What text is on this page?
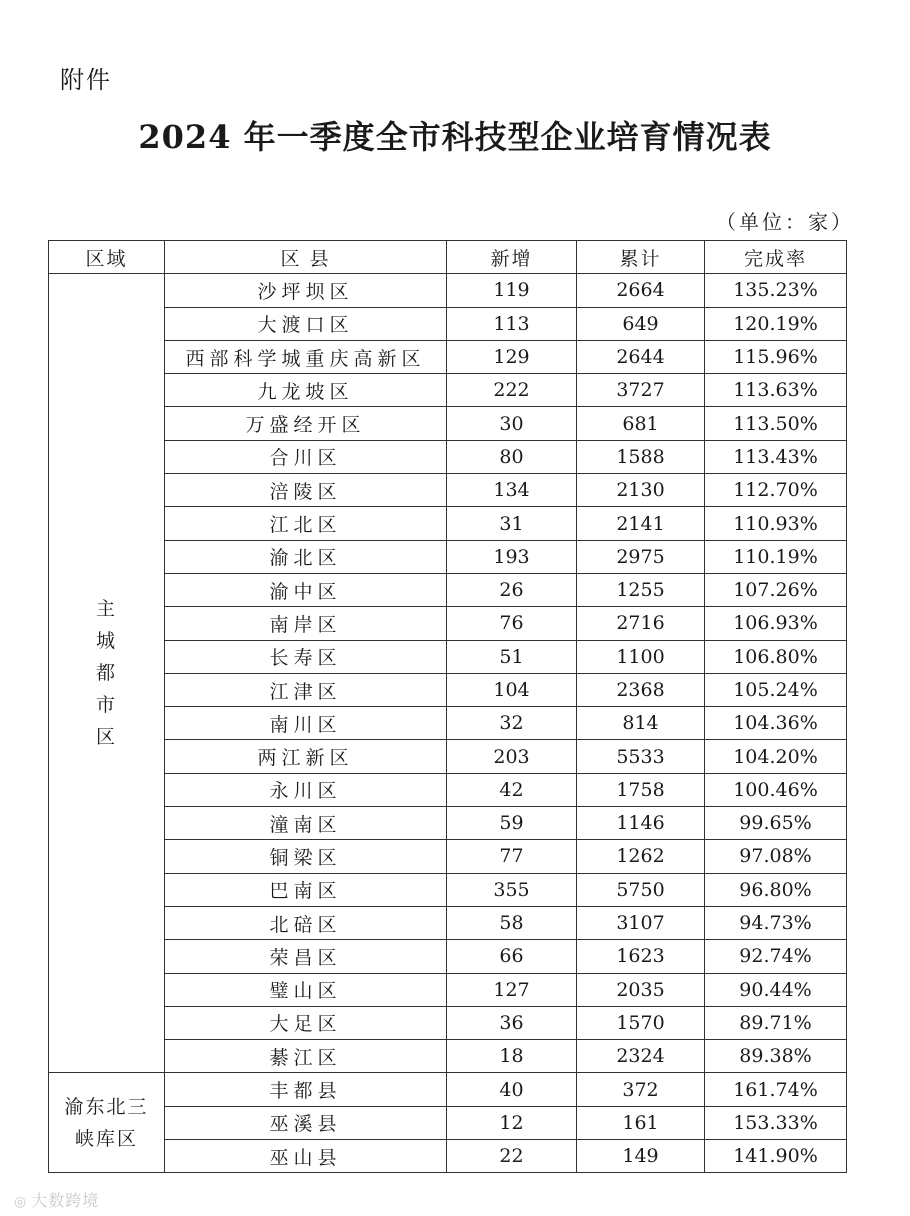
附件
2024 年一季度全市科技型企业培育情况表
（单位：家）
区域	区 县	新增	累计	完成率
主城都市区	沙坪坝区	119	2664	135.23%
	大渡口区	113	649	120.19%
	西部科学城重庆高新区	129	2644	115.96%
	九龙坡区	222	3727	113.63%
	万盛经开区	30	681	113.50%
	合川区	80	1588	113.43%
	涪陵区	134	2130	112.70%
	江北区	31	2141	110.93%
	渝北区	193	2975	110.19%
	渝中区	26	1255	107.26%
	南岸区	76	2716	106.93%
	长寿区	51	1100	106.80%
	江津区	104	2368	105.24%
	南川区	32	814	104.36%
	两江新区	203	5533	104.20%
	永川区	42	1758	100.46%
	潼南区	59	1146	99.65%
	铜梁区	77	1262	97.08%
	巴南区	355	5750	96.80%
	北碚区	58	3107	94.73%
	荣昌区	66	1623	92.74%
	璧山区	127	2035	90.44%
	大足区	36	1570	89.71%
	綦江区	18	2324	89.38%
渝东北三峡库区	丰都县	40	372	161.74%
	巫溪县	12	161	153.33%
	巫山县	22	149	141.90%
◎ 大数跨境
